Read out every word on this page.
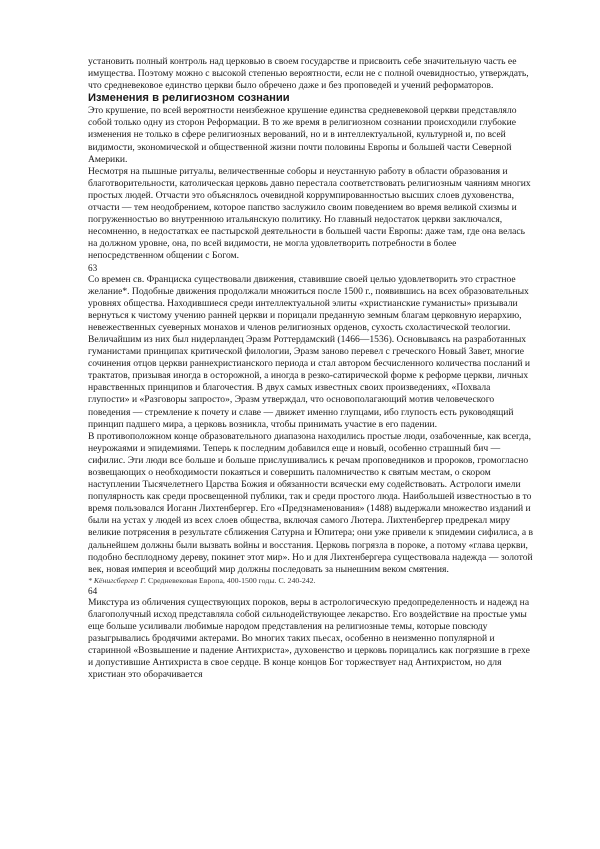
установить полный контроль над церковью в своем государстве и присвоить себе значительную часть ее имущества. Поэтому можно с высокой степенью вероятности, если не с полной очевидностью, утверждать, что средневековое единство церкви было обречено даже и без проповедей и учений реформаторов.

Изменения в религиозном сознании

Это крушение, по всей вероятности неизбежное крушение единства средневековой церкви представляло собой только одну из сторон Реформации. В то же время в религиозном сознании происходили глубокие изменения не только в сфере религиозных верований, но и в интеллектуальной, культурной и, по всей видимости, экономической и общественной жизни почти половины Европы и большей части Северной Америки.

Несмотря на пышные ритуалы, величественные соборы и неустанную работу в области образования и благотворительности, католическая церковь давно перестала соответствовать религиозным чаяниям многих простых людей. Отчасти это объяснялось очевидной коррумпированностью высших слоев духовенства, отчасти — тем неодобрением, которое папство заслужило своим поведением во время великой схизмы и погруженностью во внутреннюю итальянскую политику. Но главный недостаток церкви заключался, несомненно, в недостатках ее пастырской деятельности в большей части Европы: даже там, где она велась на должном уровне, она, по всей видимости, не могла удовлетворить потребности в более непосредственном общении с Богом.

63

Со времен св. Франциска существовали движения, ставившие своей целью удовлетворить это страстное желание*. Подобные движения продолжали множиться после 1500 г., появившись на всех образовательных уровнях общества. Находившиеся среди интеллектуальной элиты «христианские гуманисты» призывали вернуться к чистому учению ранней церкви и порицали преданную земным благам церковную иерархию, невежественных суеверных монахов и членов религиозных орденов, сухость схоластической теологии. Величайшим из них был нидерландец Эразм Роттердамский (1466—1536). Основываясь на разработанных гуманистами принципах критической филологии, Эразм заново перевел с греческого Новый Завет, многие сочинения отцов церкви раннехристианского периода и стал автором бесчисленного количества посланий и трактатов, призывая иногда в осторожной, а иногда в резко-сатирической форме к реформе церкви, личных нравственных принципов и благочестия. В двух самых известных своих произведениях, «Похвала глупости» и «Разговоры запросто», Эразм утверждал, что основополагающий мотив человеческого поведения — стремление к почету и славе — движет именно глупцами, ибо глупость есть руководящий принцип падшего мира, а церковь возникла, чтобы принимать участие в его падении.

В противоположном конце образовательного диапазона находились простые люди, озабоченные, как всегда, неурожаями и эпидемиями. Теперь к последним добавился еще и новый, особенно страшный бич — сифилис. Эти люди все больше и больше прислушивались к речам проповедников и пророков, громогласно возвещающих о необходимости покаяться и совершить паломничество к святым местам, о скором наступлении Тысячелетнего Царства Божия и обязанности всячески ему содействовать. Астрологи имели популярность как среди просвещенной публики, так и среди простого люда. Наибольшей известностью в то время пользовался Иоганн Лихтенбергер. Его «Предзнаменования» (1488) выдержали множество изданий и были на устах у людей из всех слоев общества, включая самого Лютера. Лихтенбергер предрекал миру великие потрясения в результате сближения Сатурна и Юпитера; они уже привели к эпидемии сифилиса, а в дальнейшем должны были вызвать войны и восстания. Церковь погрязла в пороке, а потому «глава церкви, подобно бесплодному дереву, покинет этот мир». Но и для Лихтенбергера существовала надежда — золотой век, новая империя и всеобщий мир должны последовать за нынешним веком смятения.

* Кёнигсбергер Г. Средневековая Европа, 400-1500 годы. С. 240-242.

64

Микстура из обличения существующих пороков, веры в астрологическую предопределенность и надежд на благополучный исход представляла собой сильнодействующее лекарство. Его воздействие на простые умы еще больше усиливали любимые народом представления на религиозные темы, которые повсюду разыгрывались бродячими актерами. Во многих таких пьесах, особенно в неизменно популярной и старинной «Возвышение и падение Антихриста», духовенство и церковь порицались как погрязшие в грехе и допустившие Антихриста в свое сердце. В конце концов Бог торжествует над Антихристом, но для христиан это оборачивается
